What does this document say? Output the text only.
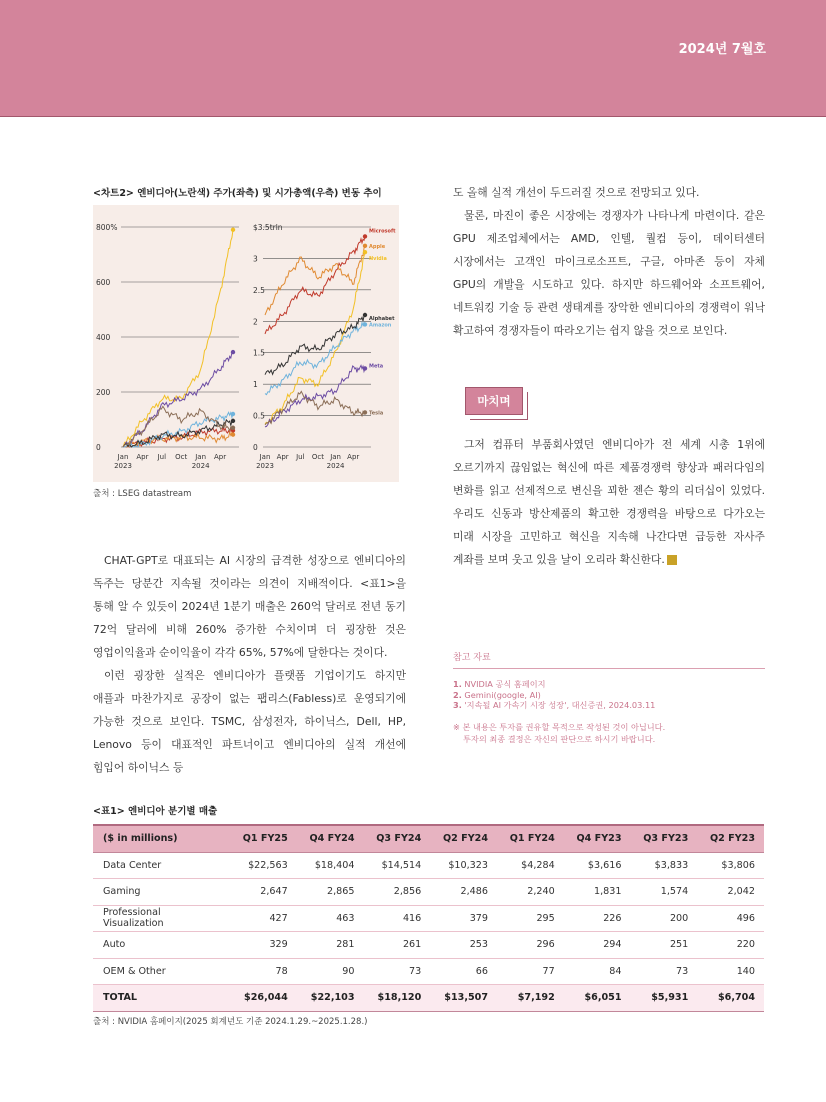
2024년 7월호
<차트2> 엔비디아(노란색) 주가(좌측) 및 시가총액(우측) 변동 추이
800%
600
400
200
0
Jan Apr Jul Oct Jan Apr
2023	2024
$3.5trln
3
2.5
2
1.5
1
0.5
0
Jan Apr Jul Oct Jan Apr
2023	2024
Microsoft
Apple
Nvidia
Amazon
Meta
Alphabet
Tesla
출처 : LSEG datastream

CHAT-GPT로 대표되는 AI 시장의 급격한 성장으로 엔비디아의 독주는 당분간 지속될 것이라는 의견이 지배적이다. <표1>을 통해 알 수 있듯이 2024년 1분기 매출은 260억 달러로 전년 동기 72억 달러에 비해 260% 증가한 수치이며 더 굉장한 것은 영업이익율과 순이익율이 각각 65%, 57%에 달한다는 것이다.

이런 굉장한 실적은 엔비디아가 플랫폼 기업이기도 하지만 애플과 마찬가지로 공장이 없는 팹리스(Fabless)로 운영되기에 가능한 것으로 보인다. TSMC, 삼성전자, 하이닉스, Dell, HP, Lenovo 등이 대표적인 파트너이고 엔비디아의 실적 개선에 힘입어 하이닉스 등

도 올해 실적 개선이 두드러질 것으로 전망되고 있다.

물론, 마진이 좋은 시장에는 경쟁자가 나타나게 마련이다. 같은 GPU 제조업체에서는 AMD, 인텔, 퀄컴 등이, 데이터센터 시장에서는 고객인 마이크로소프트, 구글, 아마존 등이 자체 GPU의 개발을 시도하고 있다. 하지만 하드웨어와 소프트웨어, 네트워킹 기술 등 관련 생태계를 장악한 엔비디아의 경쟁력이 워낙 확고하여 경쟁자들이 따라오기는 쉽지 않을 것으로 보인다.

마치며

그저 컴퓨터 부품회사였던 엔비디아가 전 세계 시총 1위에 오르기까지 끊임없는 혁신에 따른 제품경쟁력 향상과 패러다임의 변화를 읽고 선제적으로 변신을 꾀한 젠슨 황의 리더십이 있었다. 우리도 신동과 방산제품의 확고한 경쟁력을 바탕으로 다가오는 미래 시장을 고민하고 혁신을 지속해 나간다면 급등한 자사주 계좌를 보며 웃고 있을 날이 오리라 확신한다.

참고 자료
1. NVIDIA 공식 홈페이지
2. Gemini(google, AI)
3. '지속될 AI 가속기 시장 성장', 대신증권, 2024.03.11
※ 본 내용은 투자를 권유할 목적으로 작성된 것이 아닙니다.
투자의 최종 결정은 자신의 판단으로 하시기 바랍니다.
<표1> 엔비디아 분기별 매출
($ in millions)	Q1 FY25	Q4 FY24	Q3 FY24	Q2 FY24	Q1 FY24	Q4 FY23	Q3 FY23	Q2 FY23
Data Center	$22,563	$18,404	$14,514	$10,323	$4,284	$3,616	$3,833	$3,806
Gaming	2,647	2,865	2,856	2,486	2,240	1,831	1,574	2,042
Professional Visualization	427	463	416	379	295	226	200	496
Auto	329	281	261	253	296	294	251	220
OEM & Other	78	90	73	66	77	84	73	140
TOTAL	$26,044	$22,103	$18,120	$13,507	$7,192	$6,051	$5,931	$6,704
출처 : NVIDIA 홈페이지(2025 회계년도 기준 2024.1.29.~2025.1.28.)
